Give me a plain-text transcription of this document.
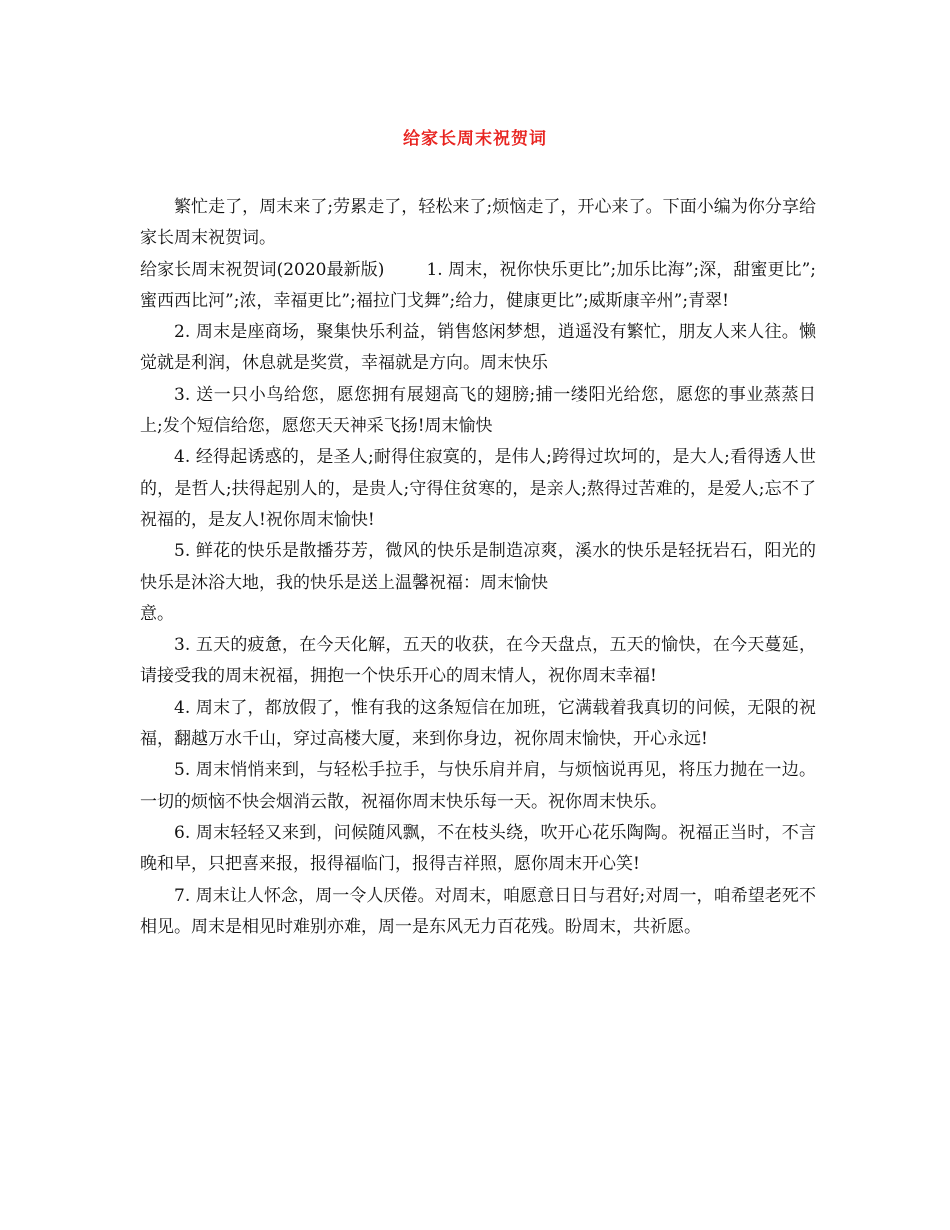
给家长周末祝贺词

繁忙走了，周末来了;劳累走了，轻松来了;烦恼走了，开心来了。下面小编为你分享给家长周末祝贺词。

给家长周末祝贺词(2020最新版) 1. 周末，祝你快乐更比”;加乐比海”;深，甜蜜更比”;蜜西西比河”;浓，幸福更比”;福拉门戈舞”;给力，健康更比”;威斯康辛州”;青翠!

2. 周末是座商场，聚集快乐利益，销售悠闲梦想，逍遥没有繁忙，朋友人来人往。懒觉就是利润，休息就是奖赏，幸福就是方向。周末快乐

3. 送一只小鸟给您，愿您拥有展翅高飞的翅膀;捕一缕阳光给您，愿您的事业蒸蒸日上;发个短信给您，愿您天天神采飞扬!周末愉快

4. 经得起诱惑的，是圣人;耐得住寂寞的，是伟人;跨得过坎坷的，是大人;看得透人世的，是哲人;扶得起别人的，是贵人;守得住贫寒的，是亲人;熬得过苦难的，是爱人;忘不了祝福的，是友人!祝你周末愉快!

5. 鲜花的快乐是散播芬芳，微风的快乐是制造凉爽，溪水的快乐是轻抚岩石，阳光的快乐是沐浴大地，我的快乐是送上温馨祝福：周末愉快

意。

3. 五天的疲惫，在今天化解，五天的收获，在今天盘点，五天的愉快，在今天蔓延，请接受我的周末祝福，拥抱一个快乐开心的周末情人，祝你周末幸福!

4. 周末了，都放假了，惟有我的这条短信在加班，它满载着我真切的问候，无限的祝福，翻越万水千山，穿过高楼大厦，来到你身边，祝你周末愉快，开心永远!

5. 周末悄悄来到，与轻松手拉手，与快乐肩并肩，与烦恼说再见，将压力抛在一边。一切的烦恼不快会烟消云散，祝福你周末快乐每一天。祝你周末快乐。

6. 周末轻轻又来到，问候随风飘，不在枝头绕，吹开心花乐陶陶。祝福正当时，不言晚和早，只把喜来报，报得福临门，报得吉祥照，愿你周末开心笑!

7. 周末让人怀念，周一令人厌倦。对周末，咱愿意日日与君好;对周一，咱希望老死不相见。周末是相见时难别亦难，周一是东风无力百花残。盼周末，共祈愿。
